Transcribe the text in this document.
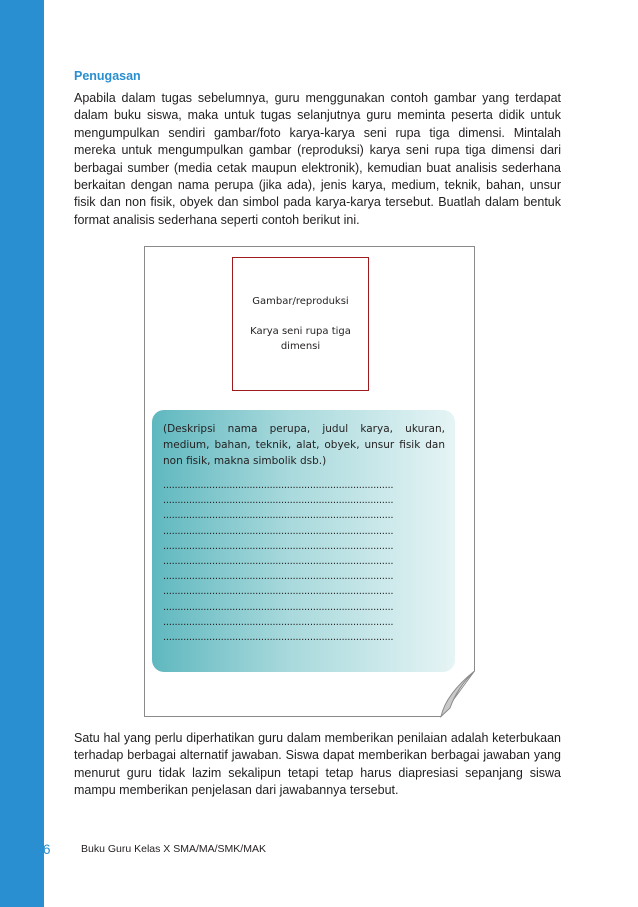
Penugasan

Apabila dalam tugas sebelumnya, guru menggunakan contoh gambar yang terdapat dalam buku siswa, maka untuk tugas selanjutnya guru meminta peserta didik untuk mengumpulkan sendiri gambar/foto karya-karya seni rupa tiga dimensi. Mintalah mereka untuk mengumpulkan gambar (reproduksi) karya seni rupa tiga dimensi dari berbagai sumber (media cetak maupun elektronik), kemudian buat analisis sederhana berkaitan dengan nama perupa (jika ada), jenis karya, medium, teknik, bahan, unsur fisik dan non fisik, obyek dan simbol pada karya-karya tersebut. Buatlah dalam bentuk format analisis sederhana seperti contoh berikut ini.

Gambar/reproduksi
Karya seni rupa tiga dimensi

(Deskripsi nama perupa, judul karya, ukuran, medium, bahan, teknik, alat, obyek, unsur fisik dan non fisik, makna simbolik dsb.)

................................................................................
................................................................................
................................................................................
................................................................................
................................................................................
................................................................................
................................................................................
................................................................................
................................................................................
................................................................................
................................................................................

Satu hal yang perlu diperhatikan guru dalam memberikan penilaian adalah keterbukaan terhadap berbagai alternatif jawaban. Siswa dapat memberikan berbagai jawaban yang menurut guru tidak lazim sekalipun tetapi tetap harus diapresiasi sepanjang siswa mampu memberikan penjelasan dari jawabannya tersebut.

36	Buku Guru Kelas X SMA/MA/SMK/MAK
